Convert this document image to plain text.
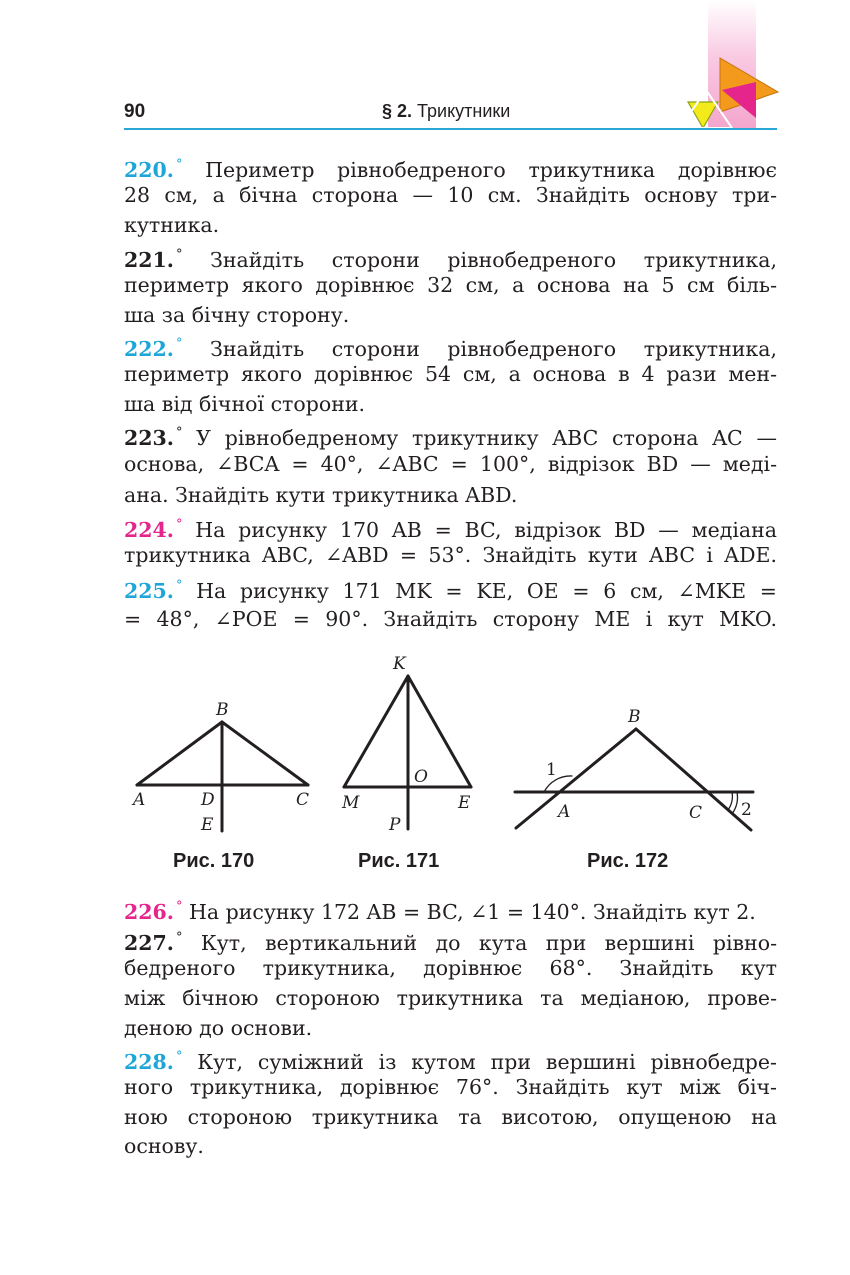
90	§ 2. Трикутники
220. ° Периметр рівнобедреного трикутника дорівнює
28 см, а бічна сторона — 10 см. Знайдіть основу три-
кутника.
221. ° Знайдіть сторони рівнобедреного трикутника,
периметр якого дорівнює 32 см, а основа на 5 см біль-
ша за бічну сторону.
222. ° Знайдіть сторони рівнобедреного трикутника,
периметр якого дорівнює 54 см, а основа в 4 рази мен-
ша від бічної сторони.
223. ° У рівнобедреному трикутнику ABC сторона AC —
основа, ∠BCA = 40°, ∠ABC = 100°, відрізок BD — меді-
ана. Знайдіть кути трикутника ABD.
224. ° На рисунку 170 AB = BC, відрізок BD — медіана
трикутника ABC, ∠ABD = 53°. Знайдіть кути ABC і ADE.
225. ° На рисунку 171 MK = KE, OE = 6 см, ∠MKE =
= 48°, ∠POE = 90°. Знайдіть сторону ME і кут MKO.
B
A	D	C
E
K
O
M	E
P
B
1
A	C 2
Рис. 170	Рис. 171	Рис. 172
226. ° На рисунку 172 AB = BC, ∠1 = 140°. Знайдіть кут 2.
227. ° Кут, вертикальний до кута при вершині рівно-
бедреного трикутника, дорівнює 68°. Знайдіть кут
між бічною стороною трикутника та медіаною, прове-
деною до основи.
228. ° Кут, суміжний із кутом при вершині рівнобедре-
ного трикутника, дорівнює 76°. Знайдіть кут між біч-
ною стороною трикутника та висотою, опущеною на
основу.
